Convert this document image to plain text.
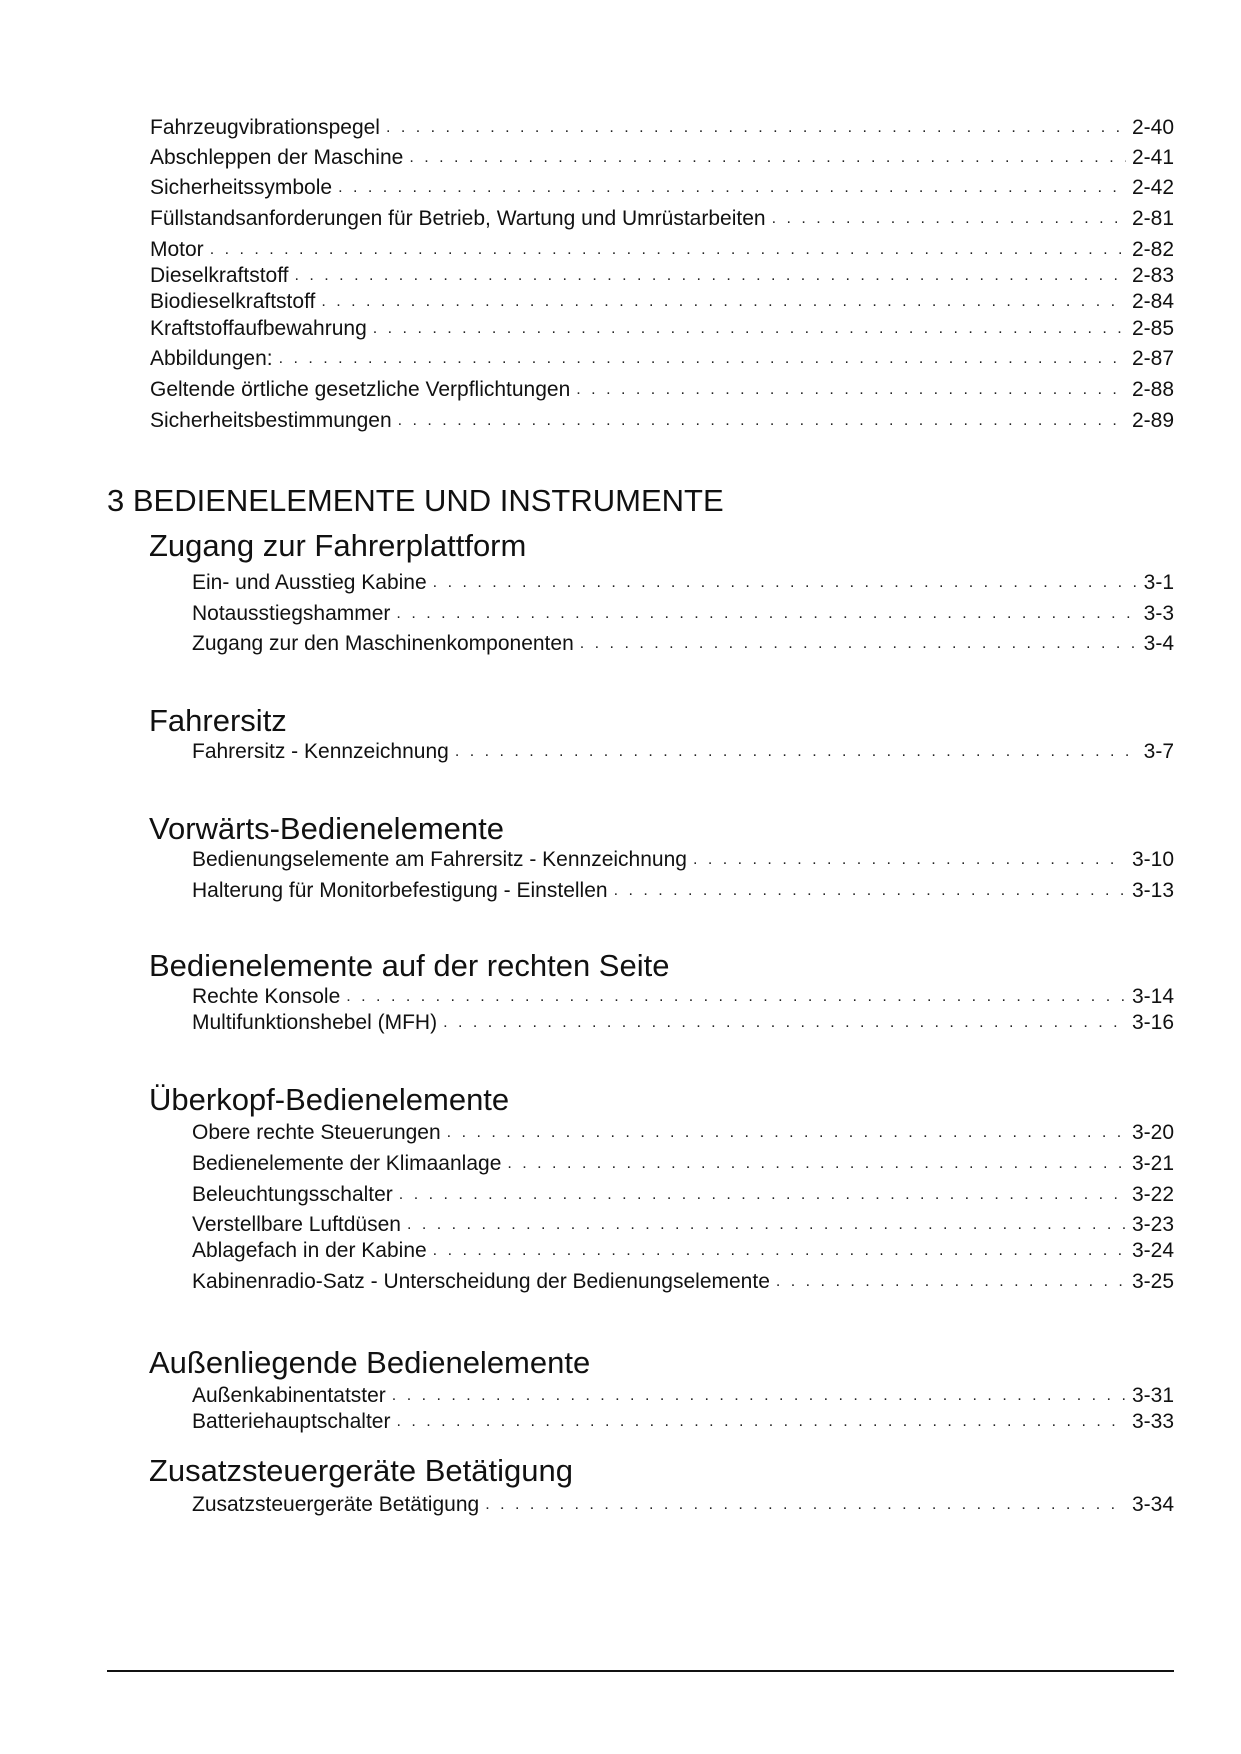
Fahrzeugvibrationspegel . . .	2-40
Abschleppen der Maschine . . .	2-41
Sicherheitssymbole . . .	2-42
Füllstandsanforderungen für Betrieb, Wartung und Umrüstarbeiten . . .	2-81
Motor . . .	2-82
Dieselkraftstoff . . .	2-83
Biodieselkraftstoff . . .	2-84
Kraftstoffaufbewahrung . . .	2-85
Abbildungen: . . .	2-87
Geltende örtliche gesetzliche Verpflichtungen . . .	2-88
Sicherheitsbestimmungen . . .	2-89
3 BEDIENELEMENTE UND INSTRUMENTE
Zugang zur Fahrerplattform
Ein- und Ausstieg Kabine . . .	3-1
Notausstiegshammer . . .	3-3
Zugang zur den Maschinenkomponenten . . .	3-4
Fahrersitz
Fahrersitz - Kennzeichnung . . .	3-7
Vorwärts-Bedienelemente
Bedienungselemente am Fahrersitz - Kennzeichnung . . .	3-10
Halterung für Monitorbefestigung - Einstellen . . .	3-13
Bedienelemente auf der rechten Seite
Rechte Konsole . . .	3-14
Multifunktionshebel (MFH) . . .	3-16
Überkopf-Bedienelemente
Obere rechte Steuerungen . . .	3-20
Bedienelemente der Klimaanlage . . .	3-21
Beleuchtungsschalter . . .	3-22
Verstellbare Luftdüsen . . .	3-23
Ablagefach in der Kabine . . .	3-24
Kabinenradio-Satz - Unterscheidung der Bedienungselemente . . .	3-25
Außenliegende Bedienelemente
Außenkabinentatster . . .	3-31
Batteriehauptschalter . . .	3-33
Zusatzsteuergeräte Betätigung
Zusatzsteuergeräte Betätigung . . .	3-34
